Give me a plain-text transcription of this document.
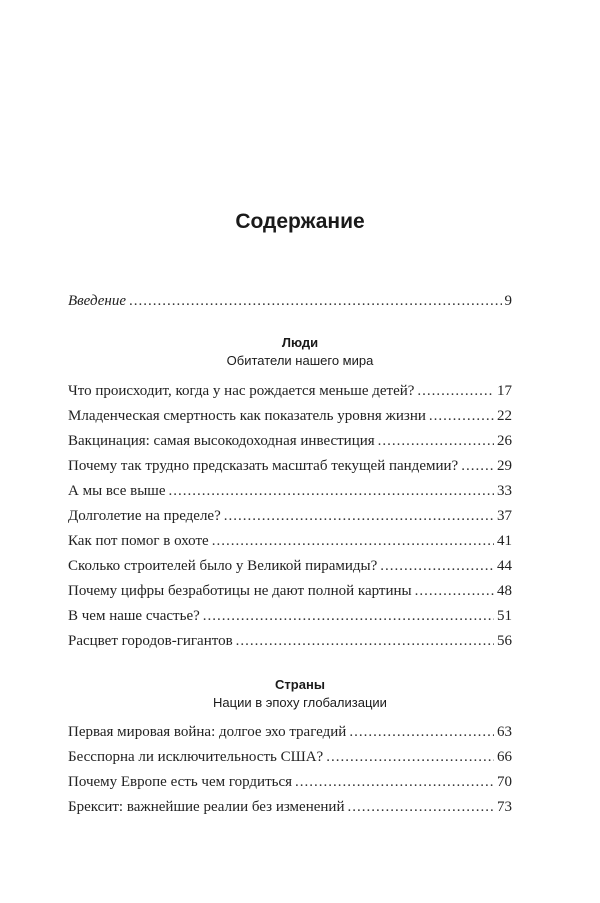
Содержание
Введение .....	9
Люди
Обитатели нашего мира
Что происходит, когда у нас рождается меньше детей? .....	17
Младенческая смертность как показатель уровня жизни .....	22
Вакцинация: самая высокодоходная инвестиция .....	26
Почему так трудно предсказать масштаб текущей пандемии? .....	29
А мы все выше .....	33
Долголетие на пределе? .....	37
Как пот помог в охоте .....	41
Сколько строителей было у Великой пирамиды? .....	44
Почему цифры безработицы не дают полной картины .....	48
В чем наше счастье? .....	51
Расцвет городов-гигантов .....	56
Страны
Нации в эпоху глобализации
Первая мировая война: долгое эхо трагедий .....	63
Бесспорна ли исключительность США? .....	66
Почему Европе есть чем гордиться .....	70
Брексит: важнейшие реалии без изменений .....	73
